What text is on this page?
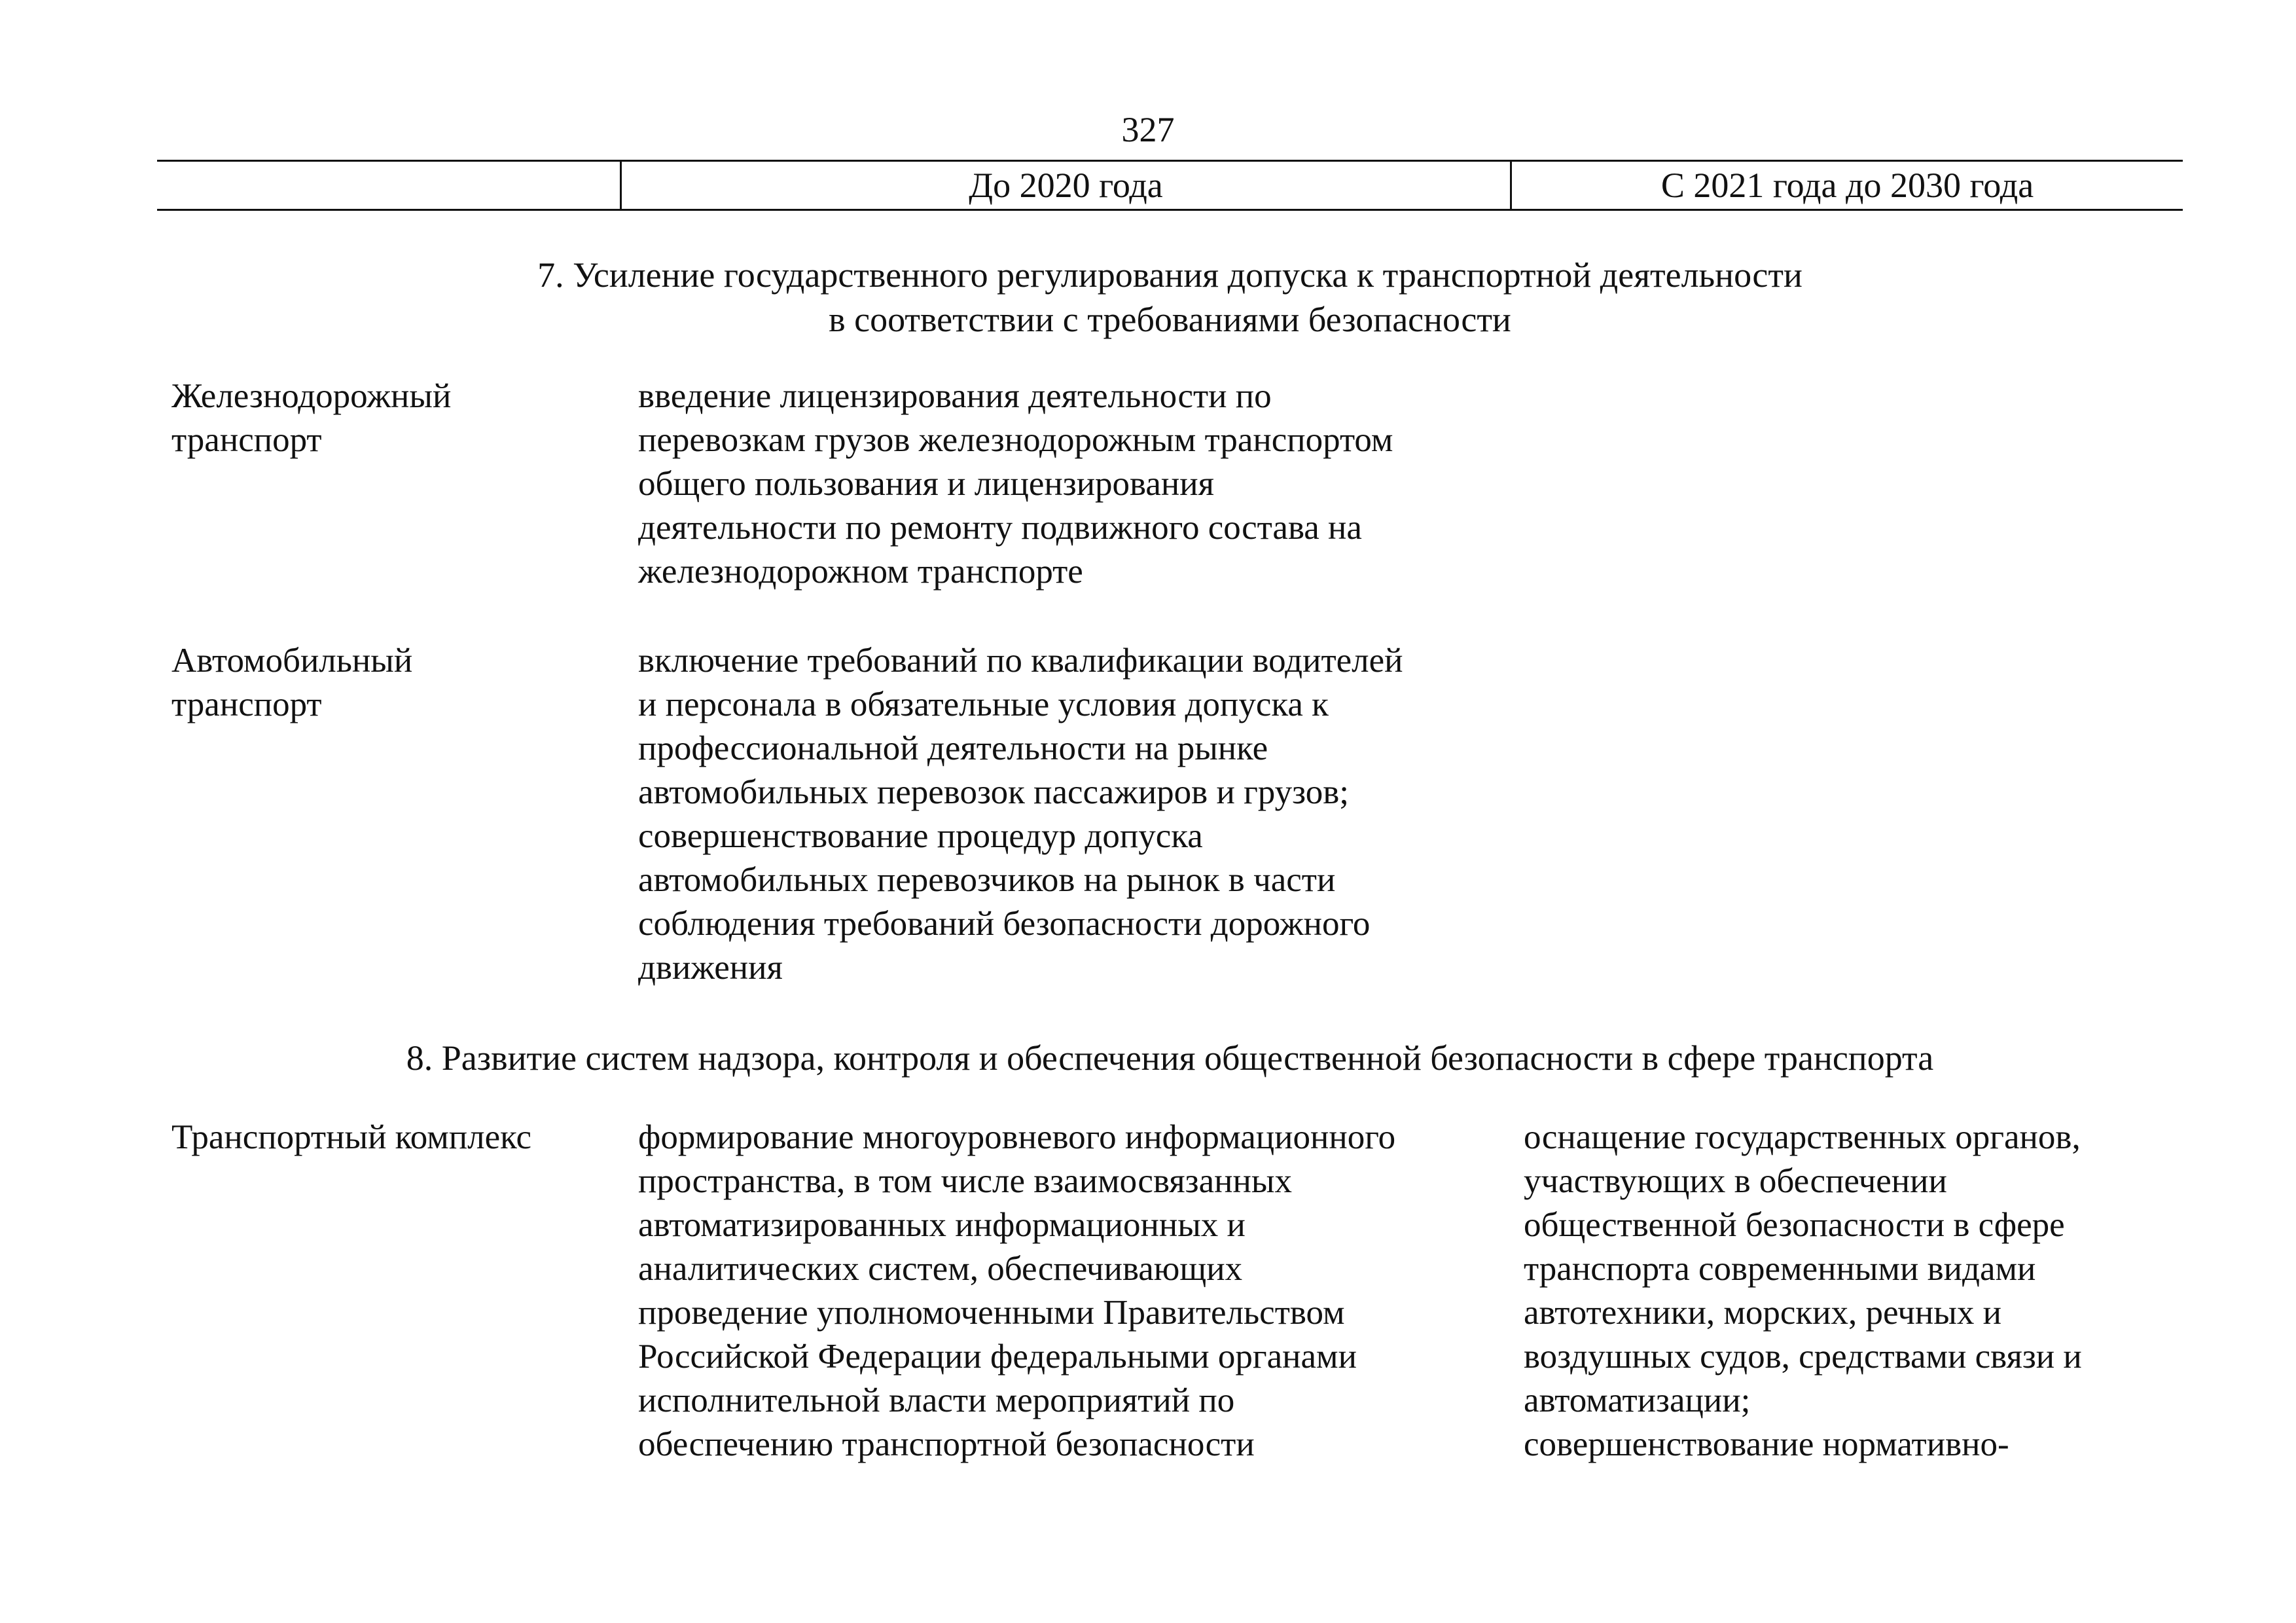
327
До 2020 года	С 2021 года до 2030 года
7. Усиление государственного регулирования допуска к транспортной деятельности
в соответствии с требованиями безопасности
Железнодорожный
транспорт
введение лицензирования деятельности по
перевозкам грузов железнодорожным транспортом
общего пользования и лицензирования
деятельности по ремонту подвижного состава на
железнодорожном транспорте
Автомобильный
транспорт
включение требований по квалификации водителей
и персонала в обязательные условия допуска к
профессиональной деятельности на рынке
автомобильных перевозок пассажиров и грузов;
совершенствование процедур допуска
автомобильных перевозчиков на рынок в части
соблюдения требований безопасности дорожного
движения
8. Развитие систем надзора, контроля и обеспечения общественной безопасности в сфере транспорта
Транспортный комплекс	формирование многоуровневого информационного
пространства, в том числе взаимосвязанных
автоматизированных информационных и
аналитических систем, обеспечивающих
проведение уполномоченными Правительством
Российской Федерации федеральными органами
исполнительной власти мероприятий по
обеспечению транспортной безопасности
оснащение государственных органов,
участвующих в обеспечении
общественной безопасности в сфере
транспорта современными видами
автотехники, морских, речных и
воздушных судов, средствами связи и
автоматизации;
совершенствование нормативно-
